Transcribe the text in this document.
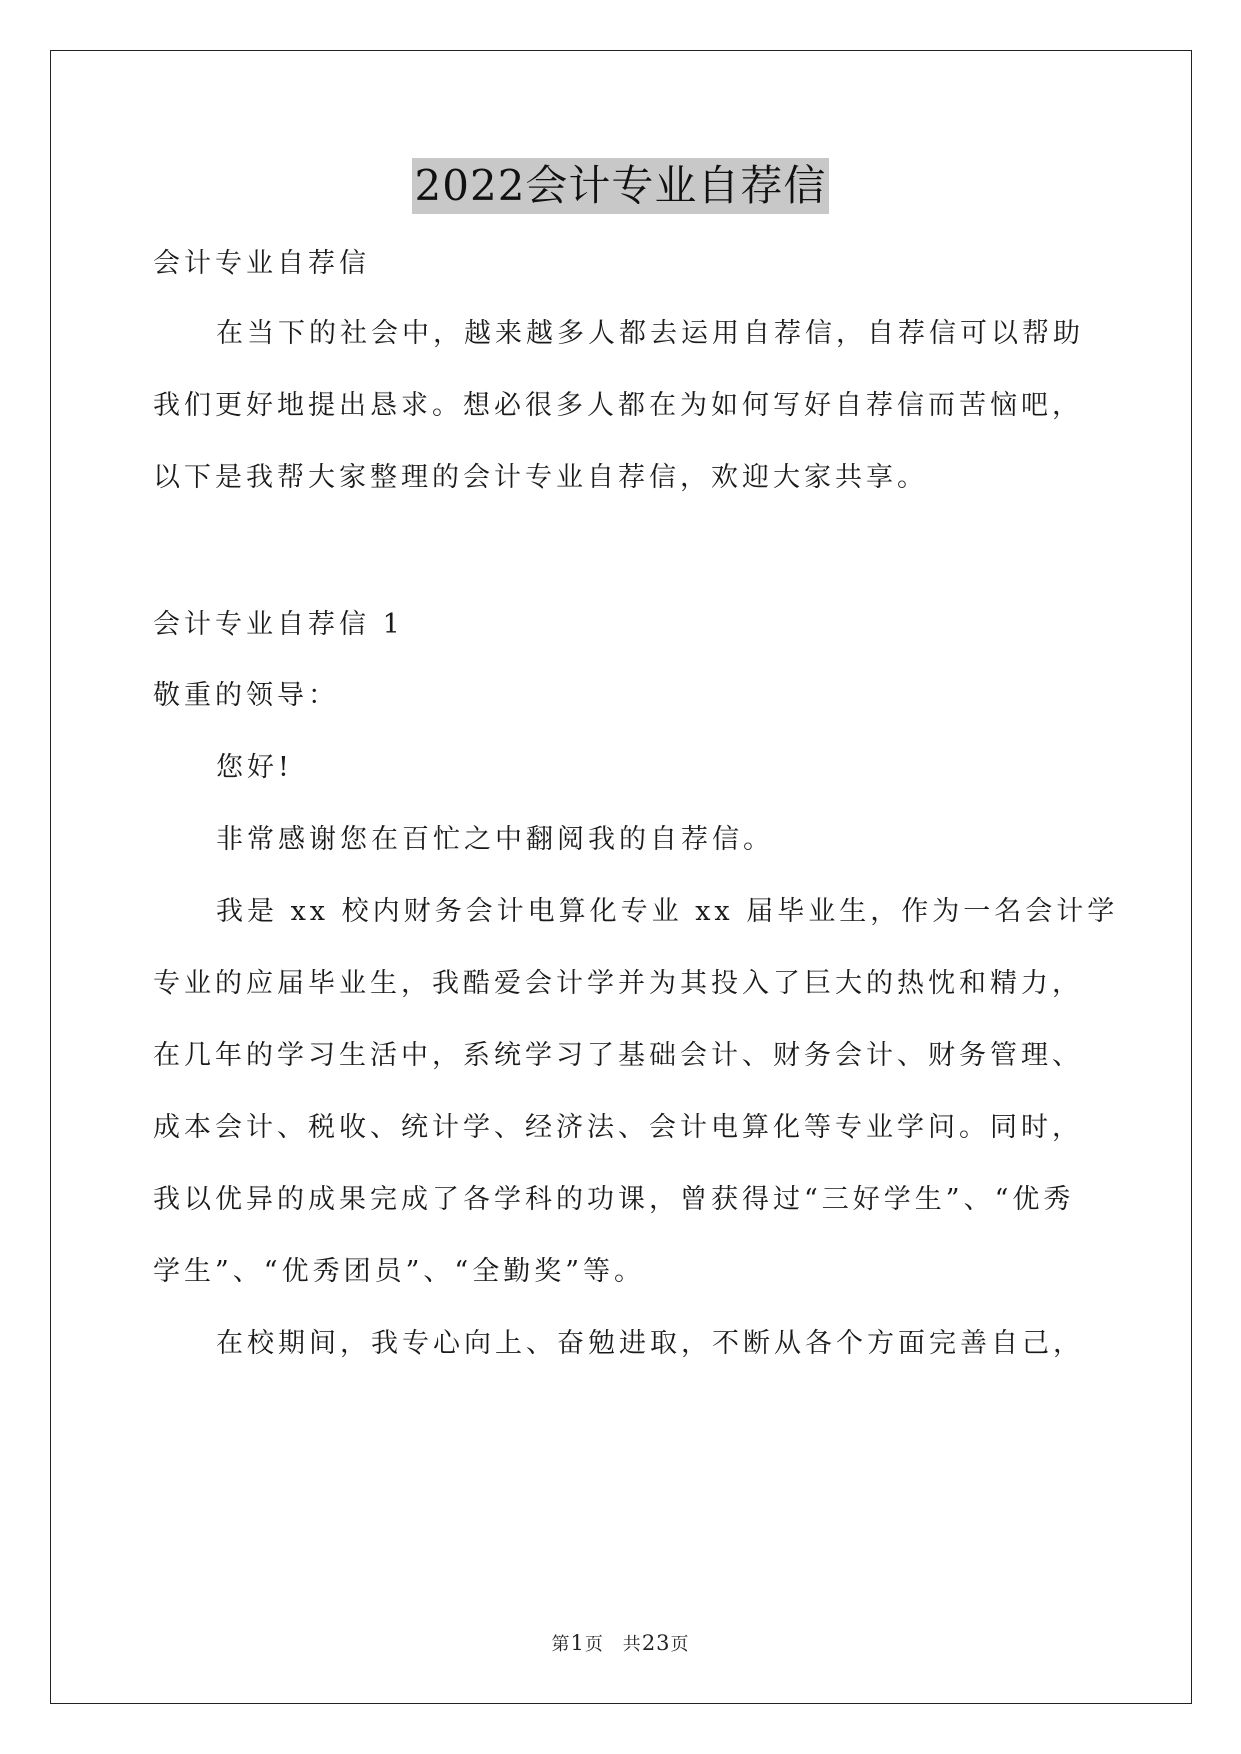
2022会计专业自荐信
会计专业自荐信
在当下的社会中，越来越多人都去运用自荐信，自荐信可以帮助
我们更好地提出恳求。想必很多人都在为如何写好自荐信而苦恼吧，
以下是我帮大家整理的会计专业自荐信，欢迎大家共享。
会计专业自荐信 1
敬重的领导：
您好!
非常感谢您在百忙之中翻阅我的自荐信。
我是 xx 校内财务会计电算化专业 xx 届毕业生，作为一名会计学
专业的应届毕业生，我酷爱会计学并为其投入了巨大的热忱和精力，
在几年的学习生活中，系统学习了基础会计、财务会计、财务管理、
成本会计、税收、统计学、经济法、会计电算化等专业学问。同时，
我以优异的成果完成了各学科的功课，曾获得过“三好学生”、“优秀
学生”、“优秀团员”、“全勤奖”等。
在校期间，我专心向上、奋勉进取，不断从各个方面完善自己，
第1页　共23页
